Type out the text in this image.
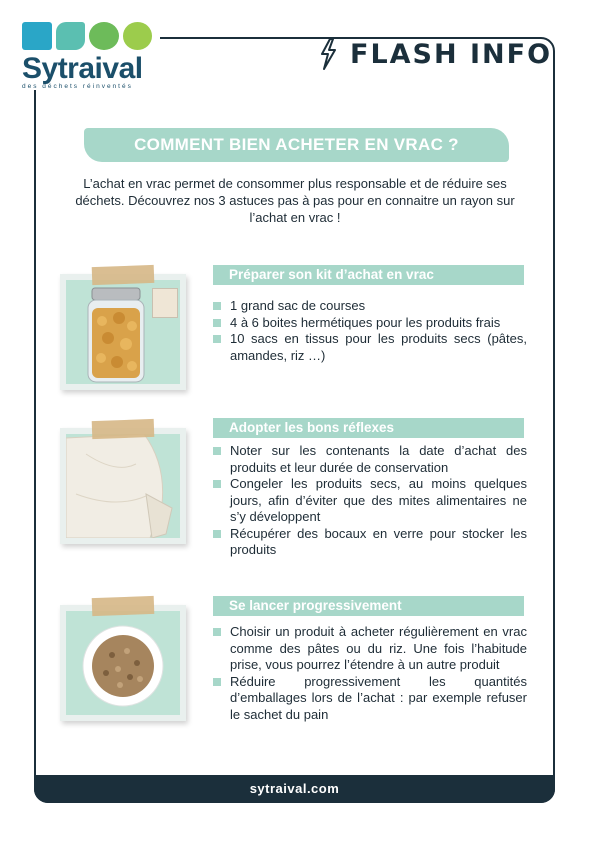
Sytraival
des déchets réinventés
FLASH INFO
COMMENT BIEN ACHETER EN VRAC ?
L’achat en vrac permet de consommer plus responsable et de réduire ses déchets. Découvrez nos 3 astuces pas à pas pour en connaitre un rayon sur l’achat en vrac !
Préparer son kit d’achat en vrac
1 grand sac de courses
4 à 6 boites hermétiques pour les produits frais
10 sacs en tissus pour les produits secs (pâtes, amandes, riz …)
Adopter les bons réflexes
Noter sur les contenants la date d’achat des produits et leur durée de conservation
Congeler les produits secs, au moins quelques jours, afin d’éviter que des mites alimentaires ne s’y développent
Récupérer des bocaux en verre pour stocker les produits
Se lancer progressivement
Choisir un produit à acheter régulièrement en vrac comme des pâtes ou du riz. Une fois l’habitude prise, vous pourrez l’étendre à un autre produit
Réduire progressivement les quantités d’emballages lors de l’achat : par exemple refuser le sachet du pain
sytraival.com
